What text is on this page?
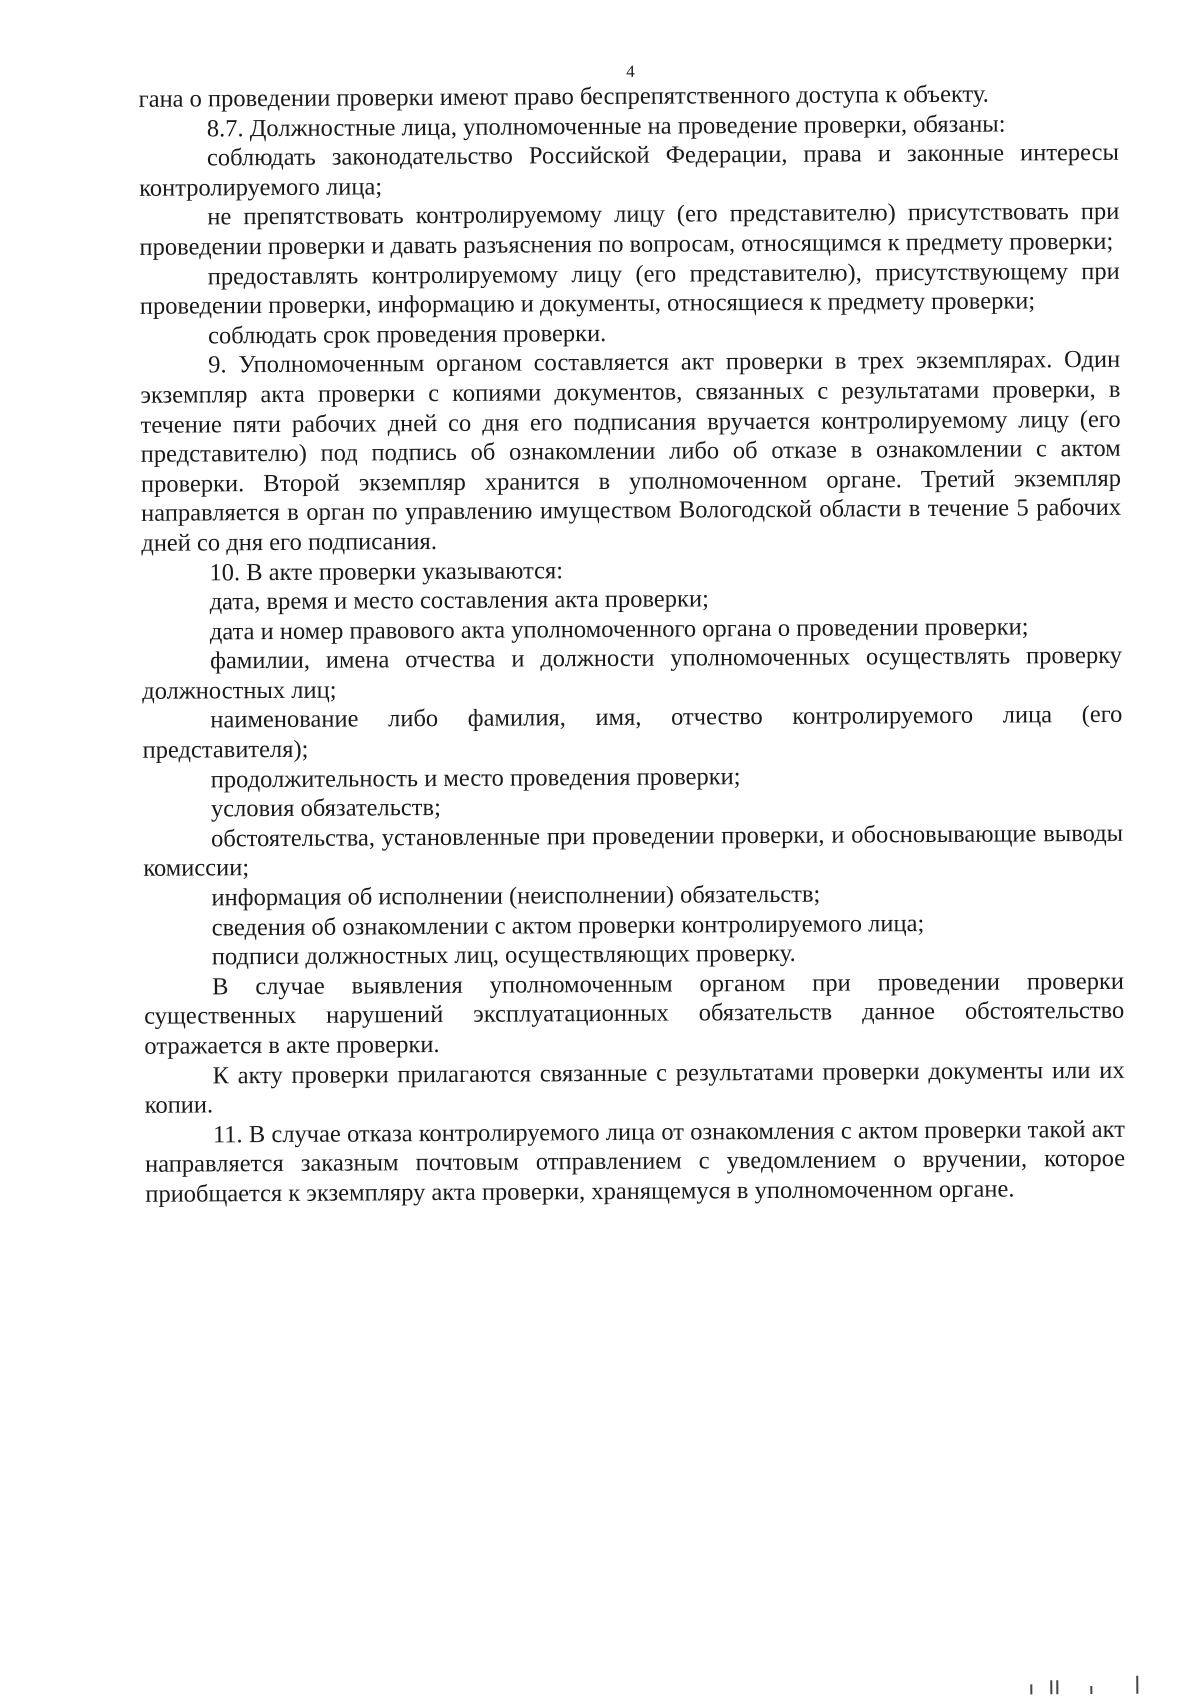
4

гана о проведении проверки имеют право беспрепятственного доступа к объекту.

8.7. Должностные лица, уполномоченные на проведение проверки, обязаны:

соблюдать законодательство Российской Федерации, права и законные интересы контролируемого лица;

не препятствовать контролируемому лицу (его представителю) присутствовать при проведении проверки и давать разъяснения по вопросам, относящимся к предмету проверки;

предоставлять контролируемому лицу (его представителю), присутствующему при проведении проверки, информацию и документы, относящиеся к предмету проверки;

соблюдать срок проведения проверки.

9. Уполномоченным органом составляется акт проверки в трех экземплярах. Один экземпляр акта проверки с копиями документов, связанных с результатами проверки, в течение пяти рабочих дней со дня его подписания вручается контролируемому лицу (его представителю) под подпись об ознакомлении либо об отказе в ознакомлении с актом проверки. Второй экземпляр хранится в уполномоченном органе. Третий экземпляр направляется в орган по управлению имуществом Вологодской области в течение 5 рабочих дней со дня его подписания.

10. В акте проверки указываются:

дата, время и место составления акта проверки;

дата и номер правового акта уполномоченного органа о проведении проверки;

фамилии, имена отчества и должности уполномоченных осуществлять проверку должностных лиц;

наименование либо фамилия, имя, отчество контролируемого лица (его представителя);

продолжительность и место проведения проверки;

условия обязательств;

обстоятельства, установленные при проведении проверки, и обосновывающие выводы комиссии;

информация об исполнении (неисполнении) обязательств;

сведения об ознакомлении с актом проверки контролируемого лица;

подписи должностных лиц, осуществляющих проверку.

В случае выявления уполномоченным органом при проведении проверки существенных нарушений эксплуатационных обязательств данное обстоятельство отражается в акте проверки.

К акту проверки прилагаются связанные с результатами проверки документы или их копии.

11. В случае отказа контролируемого лица от ознакомления с актом проверки такой акт направляется заказным почтовым отправлением с уведомлением о вручении, которое приобщается к экземпляру акта проверки, хранящемуся в уполномоченном органе.
